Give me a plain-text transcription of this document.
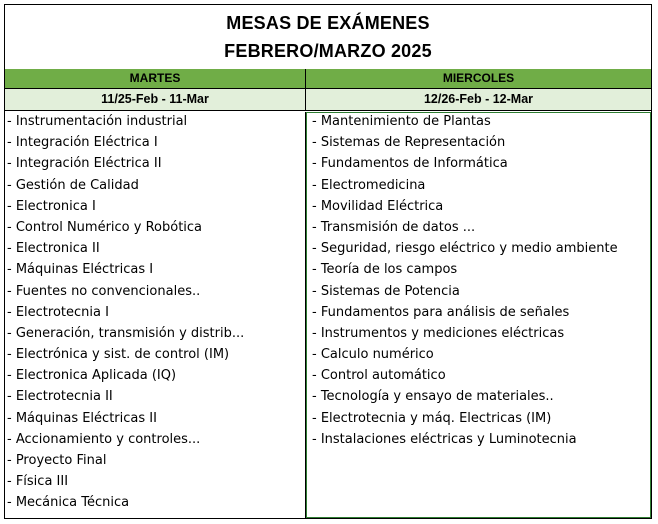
MESAS DE EXÁMENES
FEBRERO/MARZO 2025
MARTES
11/25-Feb - 11-Mar
- Instrumentación industrial
- Integración Eléctrica I
- Integración Eléctrica II
- Gestión de Calidad
- Electronica I
- Control Numérico y Robótica
- Electronica II
- Máquinas Eléctricas I
- Fuentes no convencionales..
- Electrotecnia I
- Generación, transmisión y distrib...
- Electrónica y sist. de control (IM)
- Electronica Aplicada (IQ)
- Electrotecnia II
- Máquinas Eléctricas II
- Accionamiento y controles...
- Proyecto Final
- Física III
- Mecánica Técnica
MIERCOLES
12/26-Feb - 12-Mar
- Mantenimiento de Plantas
- Sistemas de Representación
- Fundamentos de Informática
- Electromedicina
- Movilidad Eléctrica
- Transmisión de datos ...
- Seguridad, riesgo eléctrico y medio ambiente
- Teoría de los campos
- Sistemas de Potencia
- Fundamentos para análisis de señales
- Instrumentos y mediciones eléctricas
- Calculo numérico
- Control automático
- Tecnología y ensayo de materiales..
- Electrotecnia y máq. Electricas (IM)
- Instalaciones eléctricas y Luminotecnia
